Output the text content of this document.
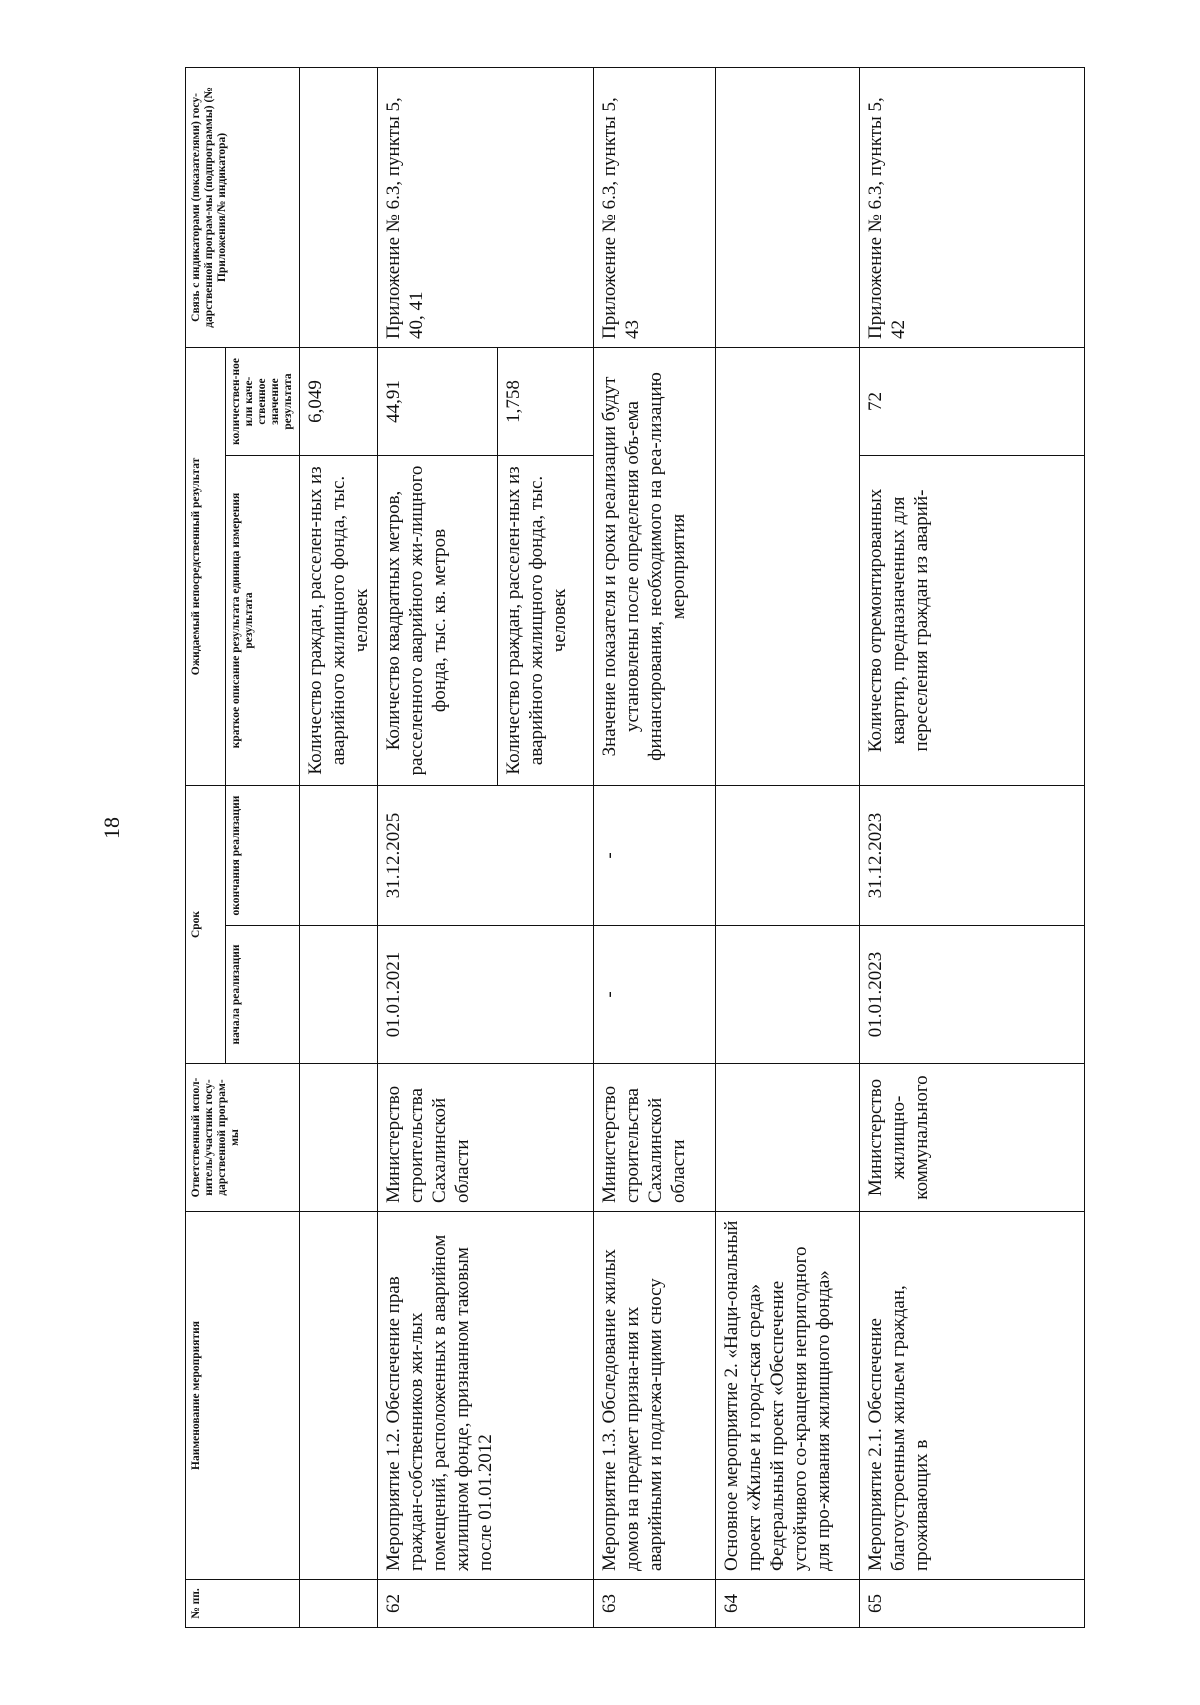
18
№ пп.	Наименование мероприятия	Ответственный испол-нитель/участник госу-дарственной програм-мы	Срок		Ожидаемый непосредственный результат		Связь с индикаторами (показателями) госу-дарственной програм-мы (подпрограммы) (№ Приложения/№ индикатора)
			начала реализации	окончания реализации	краткое описание результата единица измерения результата	количествен-ное или каче-ственное значение результата	
					Количество граждан, расселен-ных из аварийного жилищного фонда, тыс. человек	6,049	
62	Мероприятие 1.2. Обеспечение прав граждан-собственников жи-лых помещений, расположенных в аварийном жилищном фонде, признанном таковым после 01.01.2012	Министерство строительства Сахалинской области	01.01.2021	31.12.2025	Количество квадратных метров, расселенного аварийного жи-лищного фонда, тыс. кв. метров	44,91	Приложение № 6.3, пункты 5, 40, 41
					Количество граждан, расселен-ных из аварийного жилищного фонда, тыс. человек	1,758	
63	Мероприятие 1.3. Обследование жилых домов на предмет призна-ния их аварийными и подлежа-щими сносу	Министерство строительства Сахалинской области	-	-	Значение показателя и сроки реализации будут установлены после определения объ-ема финансирования, необходимого на реа-лизацию мероприятия		Приложение № 6.3, пункты 5, 43
64	Основное мероприятие 2. «Наци-ональный проект «Жилье и город-ская среда» Федеральный проект «Обеспечение устойчивого со-кращения непригодного для про-живания жилищного фонда»						
65	Мероприятие 2.1. Обеспечение благоустроенным жильем граждан, проживающих в	Министерство жилищно-коммунального	01.01.2023	31.12.2023	Количество отремонтированных квартир, предназначенных для переселения граждан из аварий-	72	Приложение № 6.3, пункты 5, 42
